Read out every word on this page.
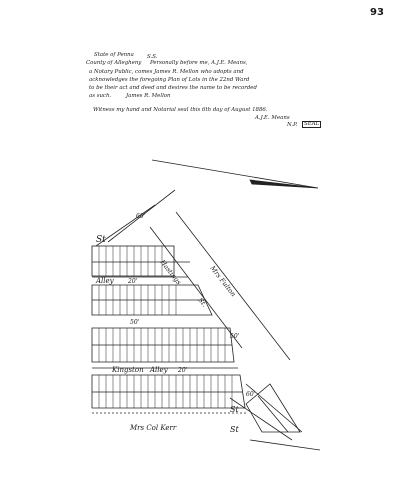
93
State of Penna
County of Allegheny
S.S.
Personally before me, A.J.E. Means,
a Notary Public, comes James R. Mellon who adopts and
acknowledges the foregoing Plan of Lots in the 22nd Ward
to be their act and deed and desires the name to be recorded
as such.	James R. Mellon
Witness my hand and Notarial seal this 6th day of August 1886.
A.J.E. Means
N.P.	SEAL
St
60'
Mrs Fulton
Hastings
St.
Alley 20'
50'
50'
Kingston Alley 20'
St
60'
Mrs Col Kerr	St
